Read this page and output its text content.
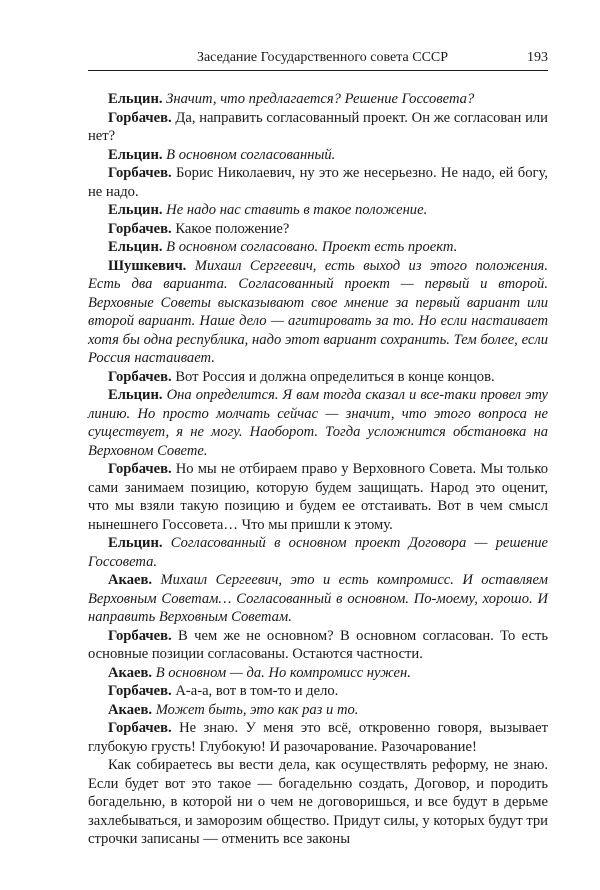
Заседание Государственного совета СССР	193

Ельцин. Значит, что предлагается? Решение Госсовета?

Горбачев. Да, направить согласованный проект. Он же согласован или нет?

Ельцин. В основном согласованный.

Горбачев. Борис Николаевич, ну это же несерьезно. Не надо, ей богу, не надо.

Ельцин. Не надо нас ставить в такое положение.

Горбачев. Какое положение?

Ельцин. В основном согласовано. Проект есть проект.

Шушкевич. Михаил Сергеевич, есть выход из этого положения. Есть два варианта. Согласованный проект — первый и второй. Верховные Советы высказывают свое мнение за первый вариант или второй вариант. Наше дело — агитировать за то. Но если настаивает хотя бы одна республика, надо этот вариант сохранить. Тем более, если Россия настаивает.

Горбачев. Вот Россия и должна определиться в конце концов.

Ельцин. Она определится. Я вам тогда сказал и все-таки провел эту линию. Но просто молчать сейчас — значит, что этого вопроса не существует, я не могу. Наоборот. Тогда усложнится обстановка на Верховном Совете.

Горбачев. Но мы не отбираем право у Верховного Совета. Мы только сами занимаем позицию, которую будем защищать. Народ это оценит, что мы взяли такую позицию и будем ее отстаивать. Вот в чем смысл нынешнего Госсовета… Что мы пришли к этому.

Ельцин. Согласованный в основном проект Договора — решение Госсовета.

Акаев. Михаил Сергеевич, это и есть компромисс. И оставляем Верховным Советам… Согласованный в основном. По-моему, хорошо. И направить Верховным Советам.

Горбачев. В чем же не основном? В основном согласован. То есть основные позиции согласованы. Остаются частности.

Акаев. В основном — да. Но компромисс нужен.

Горбачев. А-а-а, вот в том-то и дело.

Акаев. Может быть, это как раз и то.

Горбачев. Не знаю. У меня это всё, откровенно говоря, вызывает глубокую грусть! Глубокую! И разочарование. Разочарование!

Как собираетесь вы вести дела, как осуществлять реформу, не знаю. Если будет вот это такое — богадельню создать, Договор, и породить богадельню, в которой ни о чем не договоришься, и все будут в дерьме захлебываться, и заморозим общество. Придут силы, у которых будут три строчки записаны — отменить все законы
